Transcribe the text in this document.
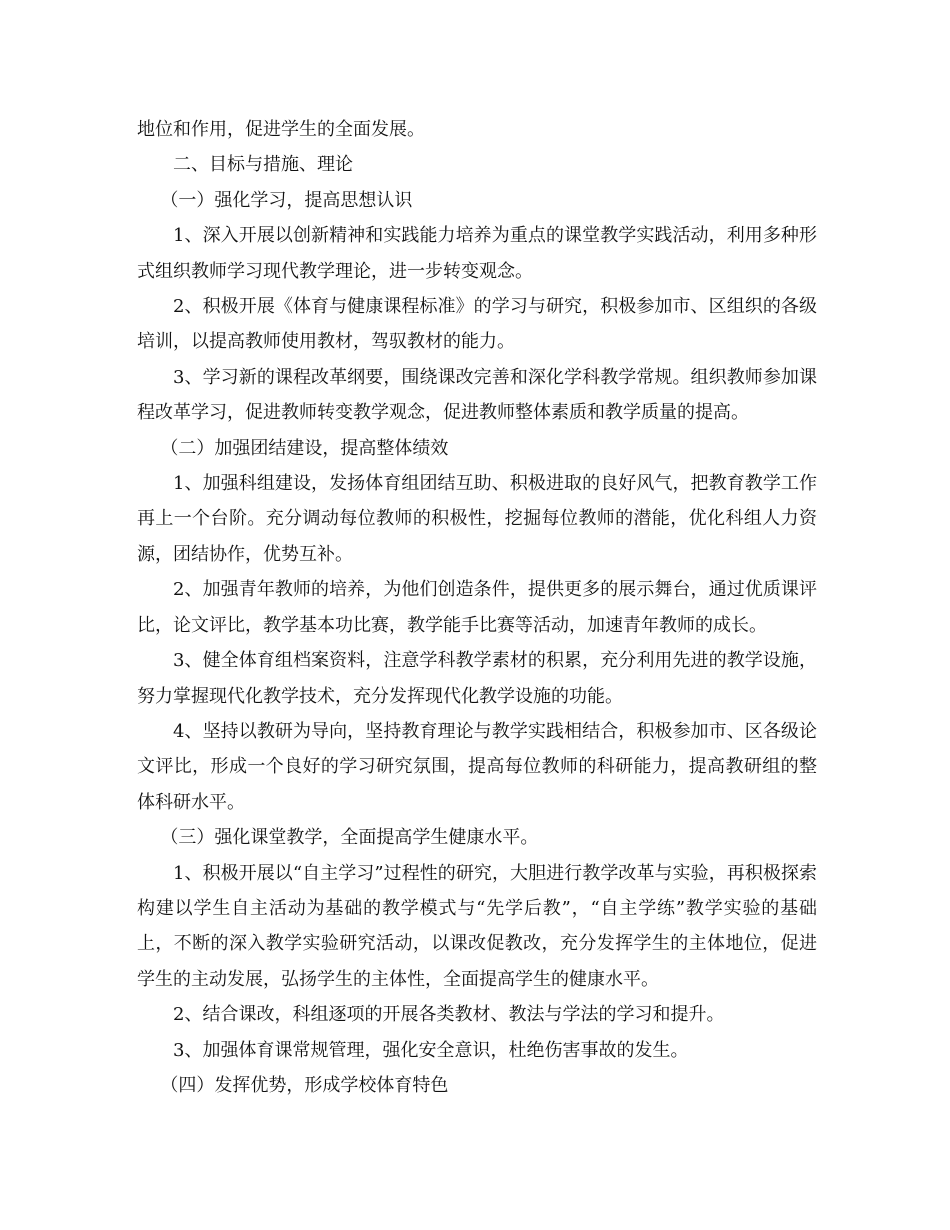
地位和作用，促进学生的全面发展。

二、目标与措施、理论

（一）强化学习，提高思想认识

1、深入开展以创新精神和实践能力培养为重点的课堂教学实践活动，利用多种形式组织教师学习现代教学理论，进一步转变观念。

2、积极开展《体育与健康课程标准》的学习与研究，积极参加市、区组织的各级培训，以提高教师使用教材，驾驭教材的能力。

3、学习新的课程改革纲要，围绕课改完善和深化学科教学常规。组织教师参加课程改革学习，促进教师转变教学观念，促进教师整体素质和教学质量的提高。

（二）加强团结建设，提高整体绩效

1、加强科组建设，发扬体育组团结互助、积极进取的良好风气，把教育教学工作再上一个台阶。充分调动每位教师的积极性，挖掘每位教师的潜能，优化科组人力资源，团结协作，优势互补。

2、加强青年教师的培养，为他们创造条件，提供更多的展示舞台，通过优质课评比，论文评比，教学基本功比赛，教学能手比赛等活动，加速青年教师的成长。

3、健全体育组档案资料，注意学科教学素材的积累，充分利用先进的教学设施，努力掌握现代化教学技术，充分发挥现代化教学设施的功能。

4、坚持以教研为导向，坚持教育理论与教学实践相结合，积极参加市、区各级论文评比，形成一个良好的学习研究氛围，提高每位教师的科研能力，提高教研组的整体科研水平。

（三）强化课堂教学，全面提高学生健康水平。

1、积极开展以“自主学习”过程性的研究，大胆进行教学改革与实验，再积极探索构建以学生自主活动为基础的教学模式与“先学后教”，“自主学练”教学实验的基础上，不断的深入教学实验研究活动，以课改促教改，充分发挥学生的主体地位，促进学生的主动发展，弘扬学生的主体性，全面提高学生的健康水平。

2、结合课改，科组逐项的开展各类教材、教法与学法的学习和提升。

3、加强体育课常规管理，强化安全意识，杜绝伤害事故的发生。

（四）发挥优势，形成学校体育特色
